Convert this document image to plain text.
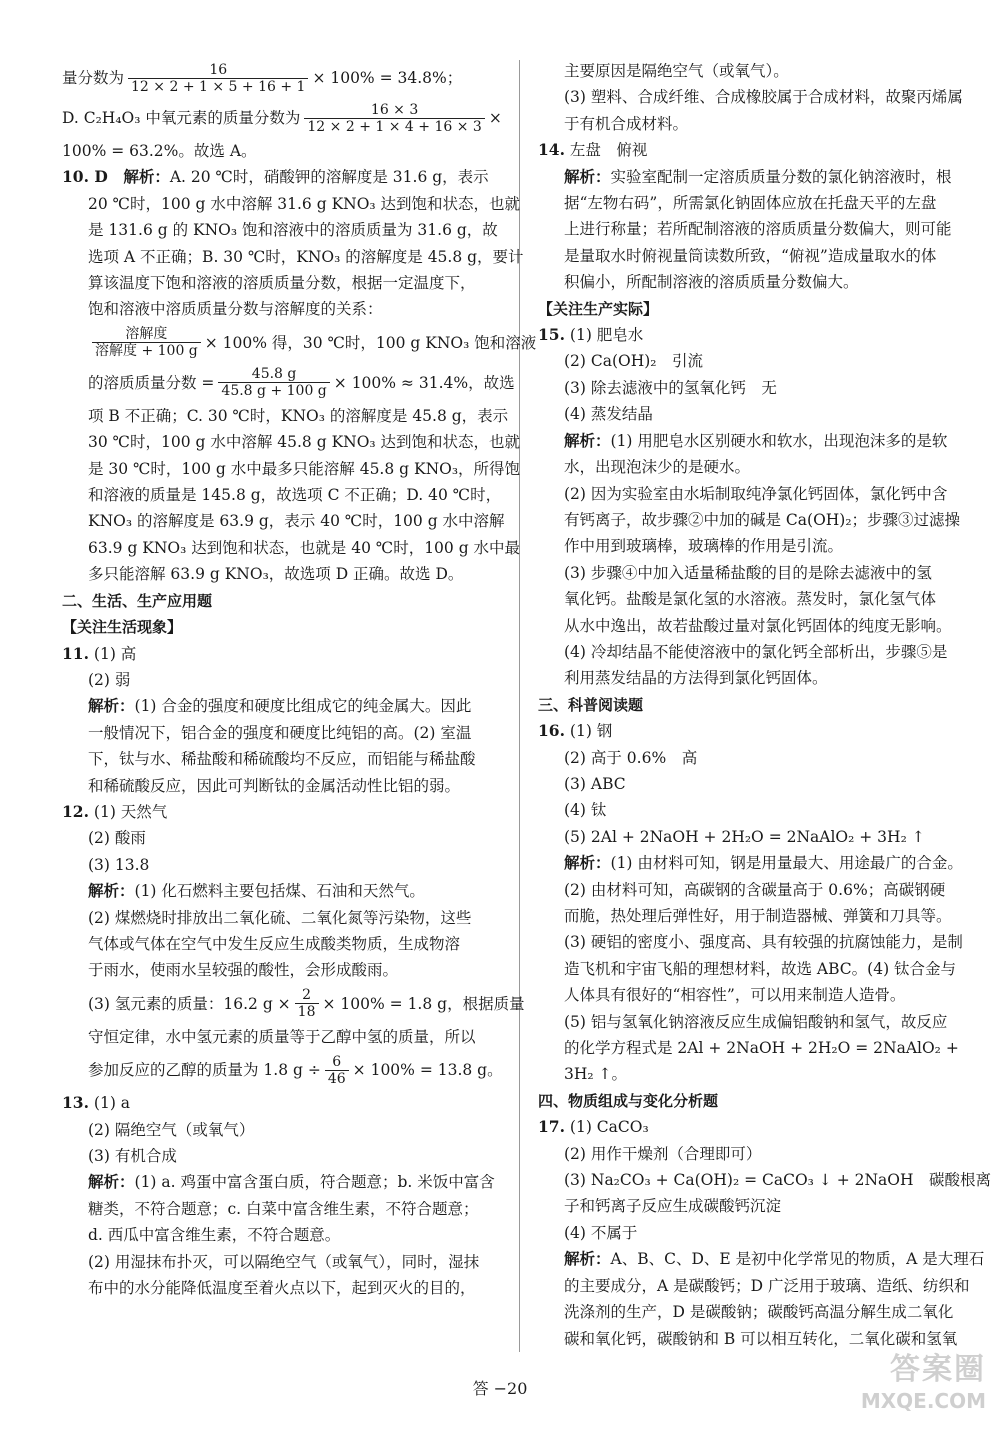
量分数为 $\frac{16}{12 \times 2 + 1 \times 5 + 16 + 1} \times 100\% = 34.8\%$；
D. C₂H₄O₃ 中氧元素的质量分数为 $\frac{16 \times 3}{12 \times 2 + 1 \times 4 + 16 \times 3}$ ×
100% = 63.2%。故选 A。
10. D　 解析：A. 20 ℃时，硝酸钾的溶解度是 31.6 g，表示
20 ℃时，100 g 水中溶解 31.6 g KNO₃ 达到饱和状态，也就
是 131.6 g 的 KNO₃ 饱和溶液中的溶质质量为 31.6 g，故
选项 A 不正确；B. 30 ℃时，KNO₃ 的溶解度是 45.8 g，要计
算该温度下饱和溶液的溶质质量分数，根据一定温度下，
饱和溶液中溶质质量分数与溶解度的关系：
$\frac{\text{溶解度}}{\text{溶解度 + 100 g}} \times 100\%$ 得，30 ℃时，100 g KNO₃ 饱和溶液
的溶质质量分数 = $\frac{45.8 g}{45.8 g + 100 g} \times 100\% \approx 31.4\%$，故选
项 B 不正确；C. 30 ℃时，KNO₃ 的溶解度是 45.8 g，表示
30 ℃时，100 g 水中溶解 45.8 g KNO₃ 达到饱和状态，也就
是 30 ℃时，100 g 水中最多只能溶解 45.8 g KNO₃，所得饱
和溶液的质量是 145.8 g，故选项 C 不正确；D. 40 ℃时，
KNO₃ 的溶解度是 63.9 g，表示 40 ℃时，100 g 水中溶解
63.9 g KNO₃ 达到饱和状态，也就是 40 ℃时，100 g 水中最
多只能溶解 63.9 g KNO₃，故选项 D 正确。故选 D。
二、生活、生产应用题
【关注生活现象】
11. (1) 高
(2) 弱
解析：(1) 合金的强度和硬度比组成它的纯金属大。因此
一般情况下，铝合金的强度和硬度比纯铝的高。(2) 室温
下，钛与水、稀盐酸和稀硫酸均不反应，而铝能与稀盐酸
和稀硫酸反应，因此可判断钛的金属活动性比铝的弱。
12. (1) 天然气
(2) 酸雨
(3) 13.8
解析：(1) 化石燃料主要包括煤、石油和天然气。
(2) 煤燃烧时排放出二氧化硫、二氧化氮等污染物，这些
气体或气体在空气中发生反应生成酸类物质，生成物溶
于雨水，使雨水呈较强的酸性，会形成酸雨。
(3) 氢元素的质量：16.2 $g \times \frac{2}{18} \times 100\% = 1.8$ g，根据质量
守恒定律，水中氢元素的质量等于乙醇中氢的质量，所以
参加反应的乙醇的质量为 1.8 $g \div \frac{6}{46} \times 100\% = 13.8$ g。
13. (1) a
(2) 隔绝空气（或氧气）
(3) 有机合成
解析：(1) a. 鸡蛋中富含蛋白质，符合题意；b. 米饭中富含
糖类，不符合题意；c. 白菜中富含维生素，不符合题意；
d. 西瓜中富含维生素，不符合题意。
(2) 用湿抹布扑灭，可以隔绝空气（或氧气），同时，湿抹
布中的水分能降低温度至着火点以下，起到灭火的目的，
主要原因是隔绝空气（或氧气）。
(3) 塑料、合成纤维、合成橡胶属于合成材料，故聚丙烯属
于有机合成材料。
14. 左盘　俯视
解析：实验室配制一定溶质质量分数的氯化钠溶液时，根
据“左物右码”，所需氯化钠固体应放在托盘天平的左盘
上进行称量；若所配制溶液的溶质质量分数偏大，则可能
是量取水时俯视量筒读数所致，“俯视”造成量取水的体
积偏小，所配制溶液的溶质质量分数偏大。
【关注生产实际】
15. (1) 肥皂水
(2) Ca(OH)₂　引流
(3) 除去滤液中的氢氧化钙　无
(4) 蒸发结晶
解析：(1) 用肥皂水区别硬水和软水，出现泡沫多的是软
水，出现泡沫少的是硬水。
(2) 因为实验室由水垢制取纯净氯化钙固体，氯化钙中含
有钙离子，故步骤②中加的碱是 Ca(OH)₂；步骤③过滤操
作中用到玻璃棒，玻璃棒的作用是引流。
(3) 步骤④中加入适量稀盐酸的目的是除去滤液中的氢
氧化钙。盐酸是氯化氢的水溶液。蒸发时，氯化氢气体
从水中逸出，故若盐酸过量对氯化钙固体的纯度无影响。
(4) 冷却结晶不能使溶液中的氯化钙全部析出，步骤⑤是
利用蒸发结晶的方法得到氯化钙固体。
三、科普阅读题
16. (1) 钢
(2) 高于 0.6%　高
(3) ABC
(4) 钛
(5) 2Al + 2NaOH + 2H₂O = 2NaAlO₂ + 3H₂ ↑
解析：(1) 由材料可知，钢是用量最大、用途最广的合金。
(2) 由材料可知，高碳钢的含碳量高于 0.6%；高碳钢硬
而脆，热处理后弹性好，用于制造器械、弹簧和刀具等。
(3) 硬铝的密度小、强度高、具有较强的抗腐蚀能力，是制
造飞机和宇宙飞船的理想材料，故选 ABC。(4) 钛合金与
人体具有很好的“相容性”，可以用来制造人造骨。
(5) 铝与氢氧化钠溶液反应生成偏铝酸钠和氢气，故反应
的化学方程式是 2Al + 2NaOH + 2H₂O = 2NaAlO₂ +
3H₂ ↑。
四、物质组成与变化分析题
17. (1) CaCO₃
(2) 用作干燥剂（合理即可）
(3) Na₂CO₃ + Ca(OH)₂ = CaCO₃ ↓ + 2NaOH　碳酸根离
子和钙离子反应生成碳酸钙沉淀
(4) 不属于
解析：A、B、C、D、E 是初中化学常见的物质，A 是大理石
的主要成分，A 是碳酸钙；D 广泛用于玻璃、造纸、纺织和
洗涤剂的生产，D 是碳酸钠；碳酸钙高温分解生成二氧化
碳和氧化钙，碳酸钠和 B 可以相互转化，二氧化碳和氢氧
答 −20
答案圈
MXQE.COM
